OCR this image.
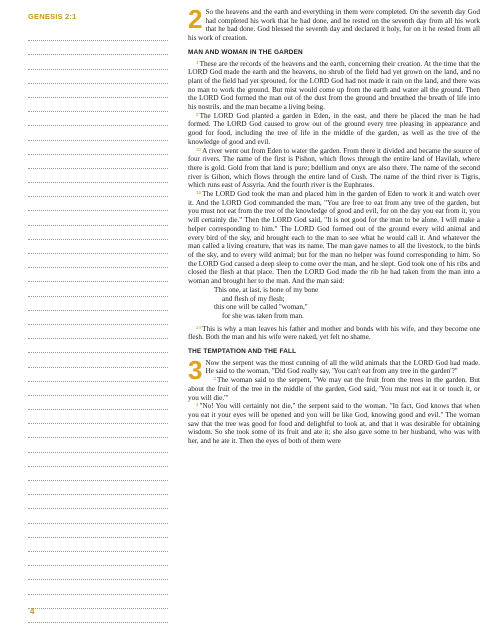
GENESIS 2:1
4

2 So the heavens and the earth and everything in them were completed. On the seventh day God had completed his work that he had done, and he rested on the seventh day from all his work that he had done. God blessed the seventh day and declared it holy, for on it he rested from all his work of creation.

MAN AND WOMAN IN THE GARDEN

$^4$These are the records of the heavens and the earth, concerning their creation. At the time that the LORD God made the earth and the heavens, no shrub of the field had yet grown on the land, and no plant of the field had yet sprouted, for the LORD God had not made it rain on the land, and there was no man to work the ground. But mist would come up from the earth and water all the ground. Then the LORD God formed the man out of the dust from the ground and breathed the breath of life into his nostrils, and the man became a living being.

$^8$The LORD God planted a garden in Eden, in the east, and there he placed the man he had formed. The LORD God caused to grow out of the ground every tree pleasing in appearance and good for food, including the tree of life in the middle of the garden, as well as the tree of the knowledge of good and evil.

$^{10}$A river went out from Eden to water the garden. From there it divided and became the source of four rivers. The name of the first is Pishon, which flows through the entire land of Havilah, where there is gold. Gold from that land is pure; bdellium and onyx are also there. The name of the second river is Gihon, which flows through the entire land of Cush. The name of the third river is Tigris, which runs east of Assyria. And the fourth river is the Euphrates.

$^{15}$The LORD God took the man and placed him in the garden of Eden to work it and watch over it. And the LORD God commanded the man, "You are free to eat from any tree of the garden, but you must not eat from the tree of the knowledge of good and evil, for on the day you eat from it, you will certainly die." Then the LORD God said, "It is not good for the man to be alone. I will make a helper corresponding to him." The LORD God formed out of the ground every wild animal and every bird of the sky, and brought each to the man to see what he would call it. And whatever the man called a living creature, that was its name. The man gave names to all the livestock, to the birds of the sky, and to every wild animal; but for the man no helper was found corresponding to him. So the LORD God caused a deep sleep to come over the man, and he slept. God took one of his ribs and closed the flesh at that place. Then the LORD God made the rib he had taken from the man into a woman and brought her to the man. And the man said:

This one, at last, is bone of my bone
and flesh of my flesh;
this one will be called "woman,"
for she was taken from man.

$^{24}$This is why a man leaves his father and mother and bonds with his wife, and they become one flesh. Both the man and his wife were naked, yet felt no shame.

THE TEMPTATION AND THE FALL

3 Now the serpent was the most cunning of all the wild animals that the LORD God had made. He said to the woman, "Did God really say, 'You can't eat from any tree in the garden'?"

$^2$The woman said to the serpent, "We may eat the fruit from the trees in the garden. But about the fruit of the tree in the middle of the garden, God said, 'You must not eat it or touch it, or you will die.'"

$^4$"No! You will certainly not die," the serpent said to the woman. "In fact, God knows that when you eat it your eyes will be opened and you will be like God, knowing good and evil." The woman saw that the tree was good for food and delightful to look at, and that it was desirable for obtaining wisdom. So she took some of its fruit and ate it; she also gave some to her husband, who was with her, and he ate it. Then the eyes of both of them were
